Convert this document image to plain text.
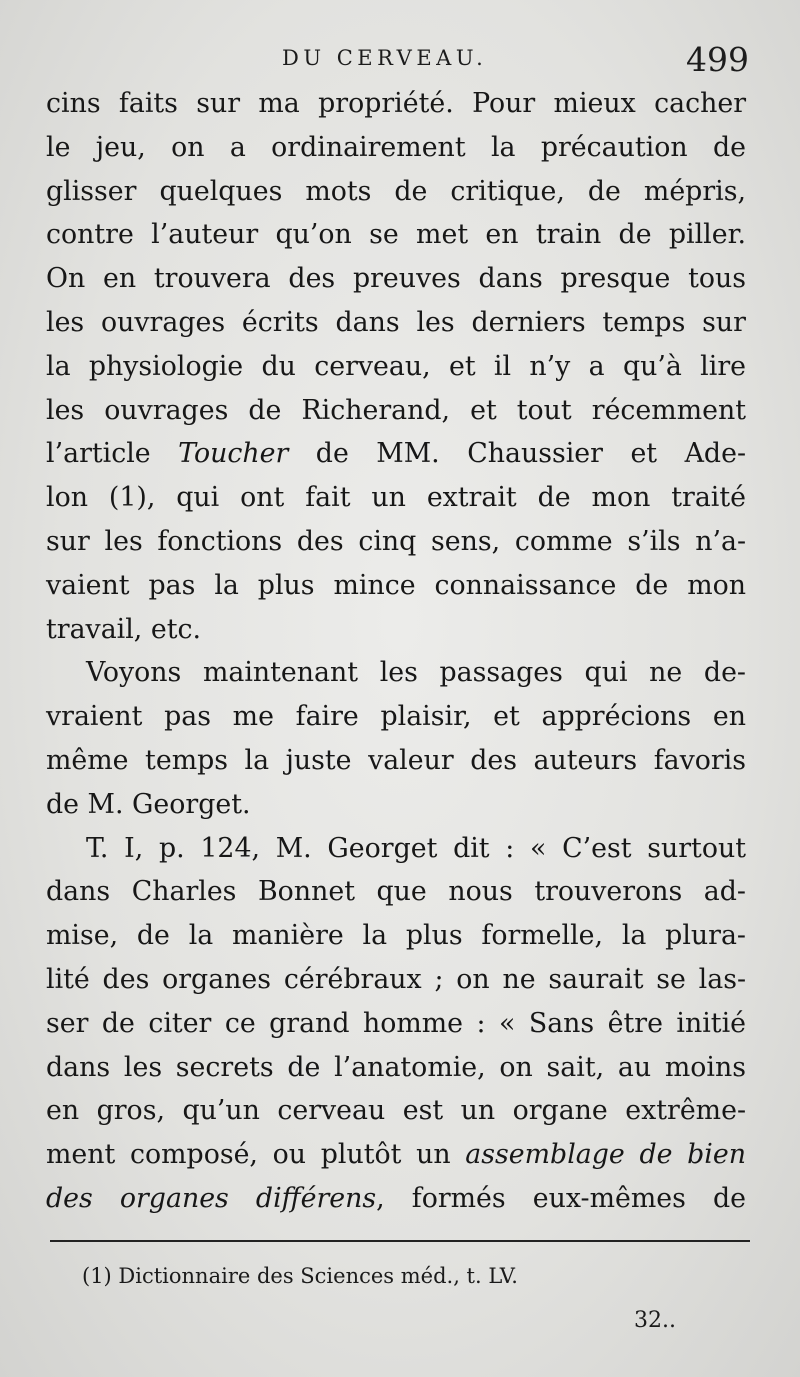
DU CERVEAU.	499
cins faits sur ma propriété. Pour mieux cacher
le jeu, on a ordinairement la précaution de
glisser quelques mots de critique, de mépris,
contre l’auteur qu’on se met en train de piller.
On en trouvera des preuves dans presque tous
les ouvrages écrits dans les derniers temps sur
la physiologie du cerveau, et il n’y a qu’à lire
les ouvrages de Richerand, et tout récemment
l’article Toucher de MM. Chaussier et Ade-
lon (1), qui ont fait un extrait de mon traité
sur les fonctions des cinq sens, comme s’ils n’a-
vaient pas la plus mince connaissance de mon
travail, etc.
Voyons maintenant les passages qui ne de-
vraient pas me faire plaisir, et apprécions en
même temps la juste valeur des auteurs favoris
de M. Georget.
T. I, p. 124, M. Georget dit : « C’est surtout
dans Charles Bonnet que nous trouverons ad-
mise, de la manière la plus formelle, la plura-
lité des organes cérébraux ; on ne saurait se las-
ser de citer ce grand homme : « Sans être initié
dans les secrets de l’anatomie, on sait, au moins
en gros, qu’un cerveau est un organe extrême-
ment composé, ou plutôt un assemblage de bien
des organes différens, formés eux-mêmes de
(1) Dictionnaire des Sciences méd., t. LV.
32..
